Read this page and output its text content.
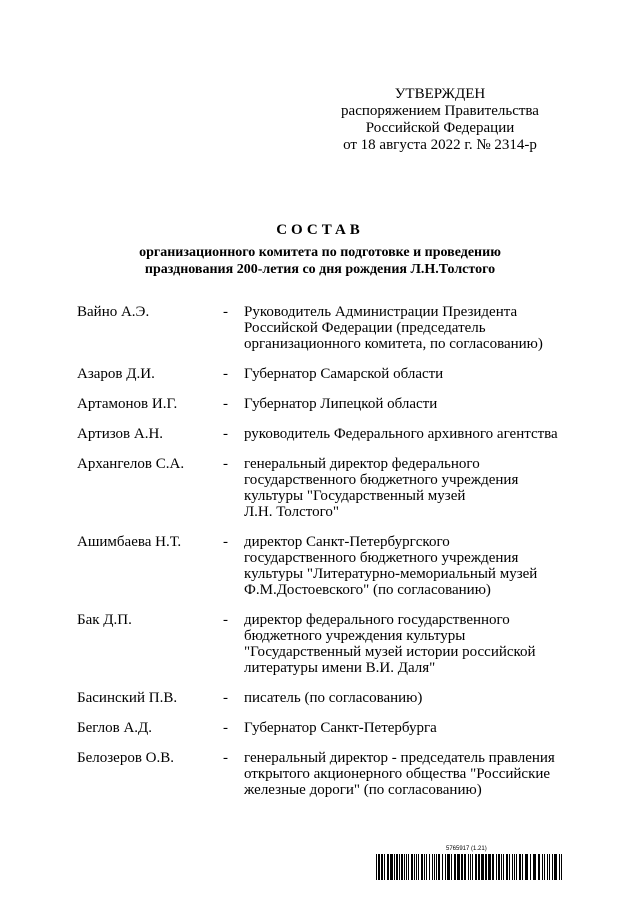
УТВЕРЖДЕН
распоряжением Правительства
Российской Федерации
от 18 августа 2022 г. № 2314-р
СОСТАВ
организационного комитета по подготовке и проведению
празднования 200-летия со дня рождения Л.Н.Толстого
Вайно А.Э.	- Руководитель Администрации Президента
Российской Федерации (председатель
организационного комитета, по согласованию)
Азаров Д.И.	- Губернатор Самарской области
Артамонов И.Г.	- Губернатор Липецкой области
Артизов А.Н.	- руководитель Федерального архивного агентства
Архангелов С.А.	- генеральный директор федерального
государственного бюджетного учреждения
культуры "Государственный музей
Л.Н. Толстого"
Ашимбаева Н.Т.	- директор Санкт-Петербургского
государственного бюджетного учреждения
культуры "Литературно-мемориальный музей
Ф.М.Достоевского" (по согласованию)
Бак Д.П.	- директор федерального государственного
бюджетного учреждения культуры
"Государственный музей истории российской
литературы имени В.И. Даля"
Басинский П.В.	- писатель (по согласованию)
Беглов А.Д.	- Губернатор Санкт-Петербурга
Белозеров О.В.	- генеральный директор - председатель правления
открытого акционерного общества "Российские
железные дороги" (по согласованию)
5765917 (1.21)
